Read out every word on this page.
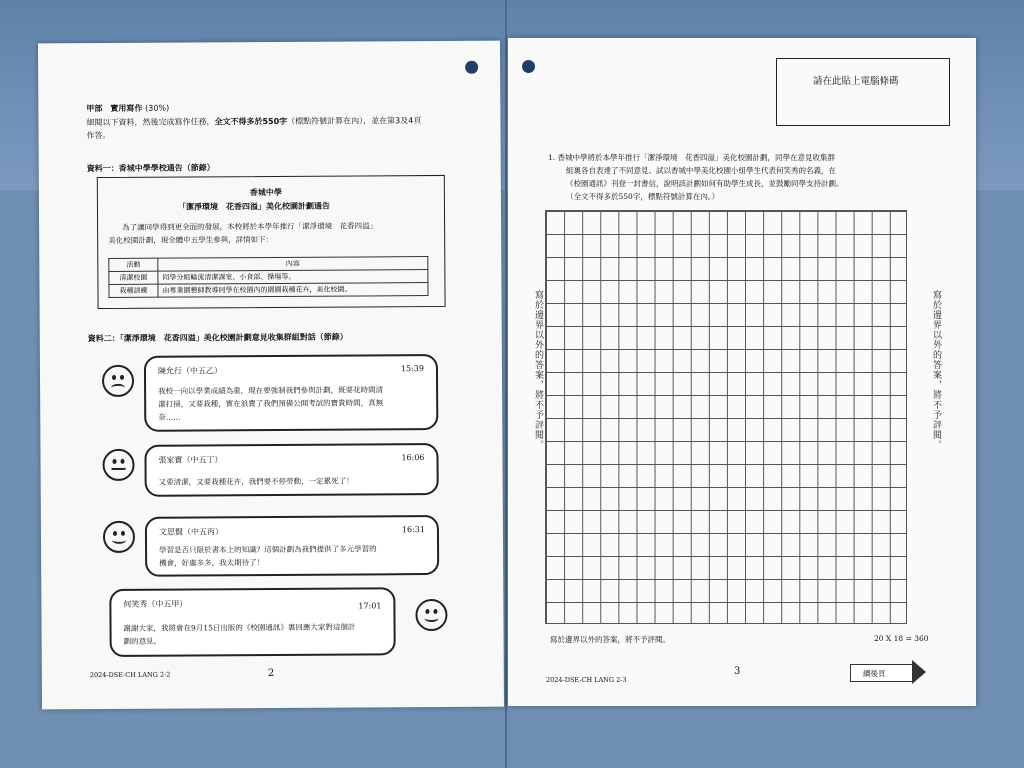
甲部　實用寫作 (30%)
細閱以下資料，然後完成寫作任務，全文不得多於550字（標點符號計算在內），並在第3及4頁
作答。
資料一：香城中學學校通告（節錄）
香城中學
「潔淨環境　花香四溢」美化校園計劃通告
為了讓同學得到更全面的發展，本校將於本學年推行「潔淨環境　花香四溢」
美化校園計劃，現全體中五學生參與，詳情如下：
活動	內容
清潔校園	同學分組輪流清潔課室、小食部、操場等。
栽種訓練	由專業園藝師教導同學在校園內的園圃栽種花卉，美化校園。
資料二：「潔淨環境　花香四溢」美化校園計劃意見收集群組對話（節錄）
陳允行（中五乙）	15:39
我校一向以學業成績為重，現在要強制我們參與計劃，既要花時間清
潔打掃，又要栽種，實在浪費了我們預備公開考試的寶貴時間，真無
奈……
張家寶（中五丁）	16:06
又要清潔，又要栽種花卉，我們要不停勞動，一定累死了！
文思賢（中五丙）	16:31
學習是否只限於書本上的知識？這個計劃為我們提供了多元學習的
機會，好處多多，我太期待了！
何笑秀（中五甲）	17:01
謝謝大家，我將會在9月15日出版的《校園通訊》裏回應大家對這個計
劃的意見。
2024-DSE-CH LANG 2-2	2
請在此貼上電腦條碼
1. 香城中學將於本學年推行「潔淨環境　花香四溢」美化校園計劃，同學在意見收集群
組裏各自表達了不同意見。試以香城中學美化校園小組學生代表何笑秀的名義，在
《校園通訊》刊登一封書信，說明該計劃如何有助學生成長，並鼓勵同學支持計劃。
（全文不得多於550字，標點符號計算在內。）
寫於邊界以外的答案，將不予評閱。	20 X 18 = 360
2024-DSE-CH LANG 2-3
3	續後頁
寫於邊界以外的答案，將不予評閱。	寫於邊界以外的答案，將不予評閱。
